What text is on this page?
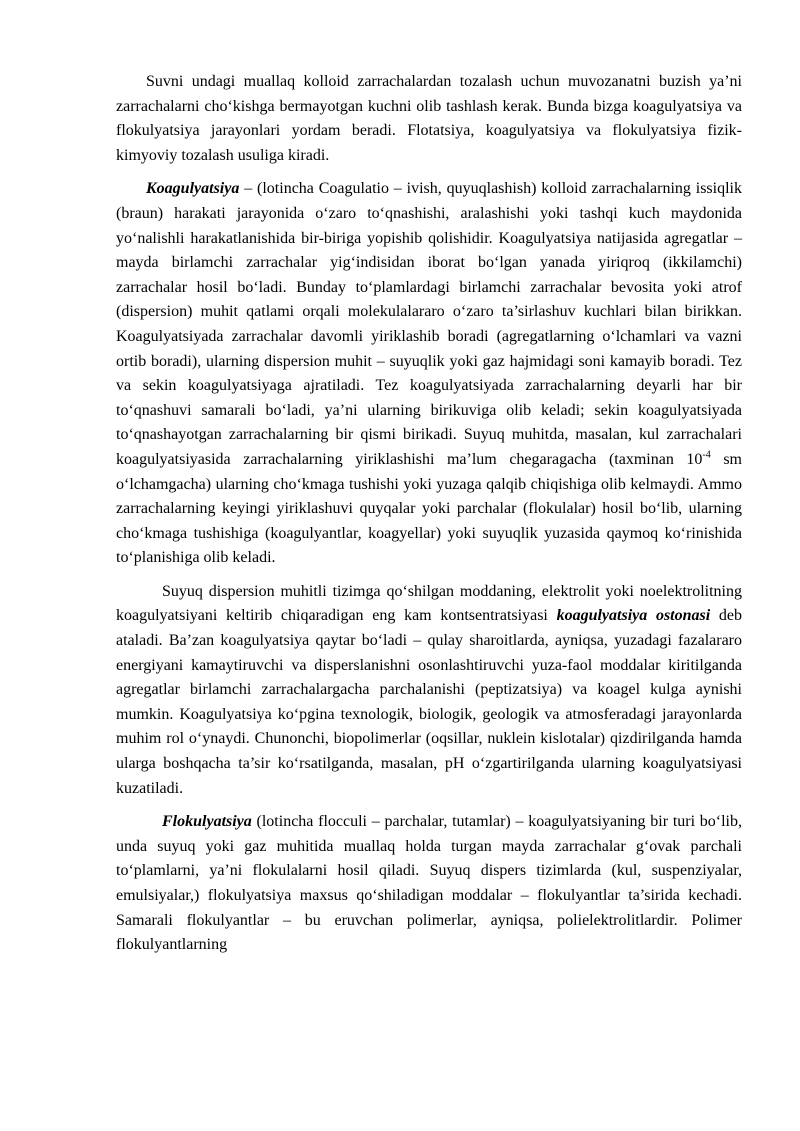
Suvni undagi muallaq kolloid zarrachalardan tozalash uchun muvozanatni buzish ya’ni zarrachalarni cho‘kishga bermayotgan kuchni olib tashlash kerak. Bunda bizga koagulyatsiya va flokulyatsiya jarayonlari yordam beradi. Flotatsiya, koagulyatsiya va flokulyatsiya fizik-kimyoviy tozalash usuliga kiradi.

Koagulyatsiya – (lotincha Coagulatio – ivish, quyuqlashish) kolloid zarrachalarning issiqlik (braun) harakati jarayonida o‘zaro to‘qnashishi, aralashishi yoki tashqi kuch maydonida yo‘nalishli harakatlanishida bir-biriga yopishib qolishidir. Koagulyatsiya natijasida agregatlar – mayda birlamchi zarrachalar yig‘indisidan iborat bo‘lgan yanada yiriqroq (ikkilamchi) zarrachalar hosil bo‘ladi. Bunday to‘plamlardagi birlamchi zarrachalar bevosita yoki atrof (dispersion) muhit qatlami orqali molekulalararo o‘zaro ta’sirlashuv kuchlari bilan birikkan. Koagulyatsiyada zarrachalar davomli yiriklashib boradi (agregatlarning o‘lchamlari va vazni ortib boradi), ularning dispersion muhit – suyuqlik yoki gaz hajmidagi soni kamayib boradi. Tez va sekin koagulyatsiyaga ajratiladi. Tez koagulyatsiyada zarrachalarning deyarli har bir to‘qnashuvi samarali bo‘ladi, ya’ni ularning birikuviga olib keladi; sekin koagulyatsiyada to‘qnashayotgan zarrachalarning bir qismi birikadi. Suyuq muhitda, masalan, kul zarrachalari koagulyatsiyasida zarrachalarning yiriklashishi ma’lum chegaragacha (taxminan $10^{-4}$ sm o‘lchamgacha) ularning cho‘kmaga tushishi yoki yuzaga qalqib chiqishiga olib kelmaydi. Ammo zarrachalarning keyingi yiriklashuvi quyqalar yoki parchalar (flokulalar) hosil bo‘lib, ularning cho‘kmaga tushishiga (koagulyantlar, koagyellar) yoki suyuqlik yuzasida qaymoq ko‘rinishida to‘planishiga olib keladi.

Suyuq dispersion muhitli tizimga qo‘shilgan moddaning, elektrolit yoki noelektrolitning koagulyatsiyani keltirib chiqaradigan eng kam kontsentratsiyasi koagulyatsiya ostonasi deb ataladi. Ba’zan koagulyatsiya qaytar bo‘ladi – qulay sharoitlarda, ayniqsa, yuzadagi fazalararo energiyani kamaytiruvchi va disperslanishni osonlashtiruvchi yuza-faol moddalar kiritilganda agregatlar birlamchi zarrachalargacha parchalanishi (peptizatsiya) va koagel kulga aynishi mumkin. Koagulyatsiya ko‘pgina texnologik, biologik, geologik va atmosferadagi jarayonlarda muhim rol o‘ynaydi. Chunonchi, biopolimerlar (oqsillar, nuklein kislotalar) qizdirilganda hamda ularga boshqacha ta’sir ko‘rsatilganda, masalan, pH o‘zgartirilganda ularning koagulyatsiyasi kuzatiladi.

Flokulyatsiya (lotincha flocculi – parchalar, tutamlar) – koagulyatsiyaning bir turi bo‘lib, unda suyuq yoki gaz muhitida muallaq holda turgan mayda zarrachalar g‘ovak parchali to‘plamlarni, ya’ni flokulalarni hosil qiladi. Suyuq dispers tizimlarda (kul, suspenziyalar, emulsiyalar,) flokulyatsiya maxsus qo‘shiladigan moddalar – flokulyantlar ta’sirida kechadi. Samarali flokulyantlar – bu eruvchan polimerlar, ayniqsa, polielektrolitlardir. Polimer flokulyantlarning
